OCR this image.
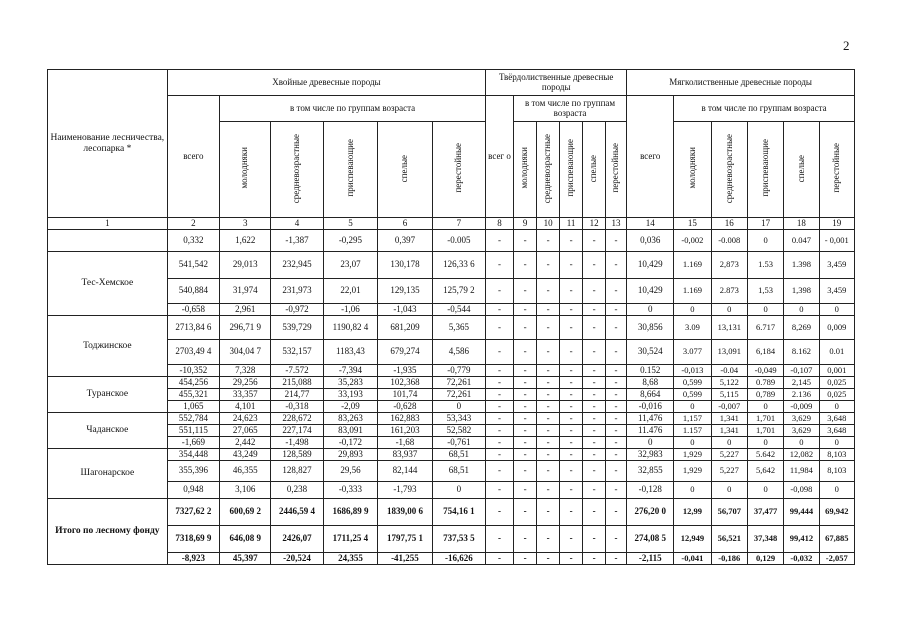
2
Наименование лесничества, лесопарка *	Хвойные древесные породы						Твёрдолиственные древесные породы						Мягколиственные древесные породы					
	всего	в том числе по группам возраста					всег о	в том числе по группам возраста					всего	в том числе по группам возраста				
		молодняки	средневозрастные	приспевающие	спелые	перестойные		молодняки	средневозрастные	приспевающие	спелые	перестойные		молодняки	средневозрастные	приспевающие	спелые	перестойные
1	2	3	4	5	6	7	8	9	10	11	12	13	14	15	16	17	18	19
	0,332	1,622	-1,387	-0,295	0,397	-0.005	-	-	-	-	-	-	0,036	-0,002	-0.008	0	0.047	- 0,001
Тес-Хемское	541,542	29,013	232,945	23,07	130,178	126,33 6	-	-	-	-	-	-	10,429	1.169	2,873	1.53	1.398	3,459
	540,884	31,974	231,973	22,01	129,135	125,79 2	-	-	-	-	-	-	10,429	1.169	2.873	1,53	1,398	3,459
	-0,658	2,961	-0,972	-1,06	-1,043	-0,544	-	-	-	-	-	-	0	0	0	0	0	0
Тоджинское	2713,84 6	296,71 9	539,729	1190,82 4	681,209	5,365	-	-	-	-	-	-	30,856	3.09	13,131	6.717	8,269	0,009
	2703,49 4	304,04 7	532,157	1183,43	679,274	4,586	-	-	-	-	-	-	30,524	3.077	13,091	6,184	8.162	0.01
	-10,352	7,328	-7.572	-7,394	-1,935	-0,779	-	-	-	-	-	-	0.152	-0,013	-0.04	-0,049	-0,107	0,001
Туранское	454,256	29,256	215,088	35,283	102,368	72,261	-	-	-	-	-	-	8,68	0,599	5,122	0.789	2,145	0,025
	455,321	33,357	214,77	33,193	101,74	72,261	-	-	-	-	-	-	8,664	0,599	5,115	0,789	2.136	0,025
	1,065	4,101	-0,318	-2,09	-0,628	0	-	-	-	-	-	-	-0,016	0	-0,007	0	-0,009	0
Чаданское	552,784	24,623	228,672	83,263	162,883	53,343	-	-	-	-	-	-	11,476	1,157	1,341	1,701	3,629	3,648
	551,115	27,065	227,174	83,091	161,203	52,582	-	-	-	-	-	-	11.476	1.157	1,341	1,701	3,629	3,648
	-1,669	2,442	-1,498	-0,172	-1,68	-0,761	-	-	-	-	-	-	0	0	0	0	0	0
Шагонарское	354,448	43,249	128,589	29,893	83,937	68,51	-	-	-	-	-	-	32,983	1,929	5,227	5.642	12,082	8,103
	355,396	46,355	128,827	29,56	82,144	68,51	-	-	-	-	-	-	32,855	1,929	5,227	5,642	11,984	8,103
	0,948	3,106	0,238	-0,333	-1,793	0	-	-	-	-	-	-	-0,128	0	0	0	-0,098	0
Итого по лесному фонду	7327,62 2	600,69 2	2446,59 4	1686,89 9	1839,00 6	754,16 1	-	-	-	-	-	-	276,20 0	12,99	56,707	37,477	99,444	69,942
	7318,69 9	646,08 9	2426,07	1711,25 4	1797,75 1	737,53 5	-	-	-	-	-	-	274,08 5	12,949	56,521	37,348	99,412	67,885
	-8,923	45,397	-20,524	24,355	-41,255	-16,626	-	-	-	-	-	-	-2,115	-0,041	-0,186	0,129	-0,032	-2,057
